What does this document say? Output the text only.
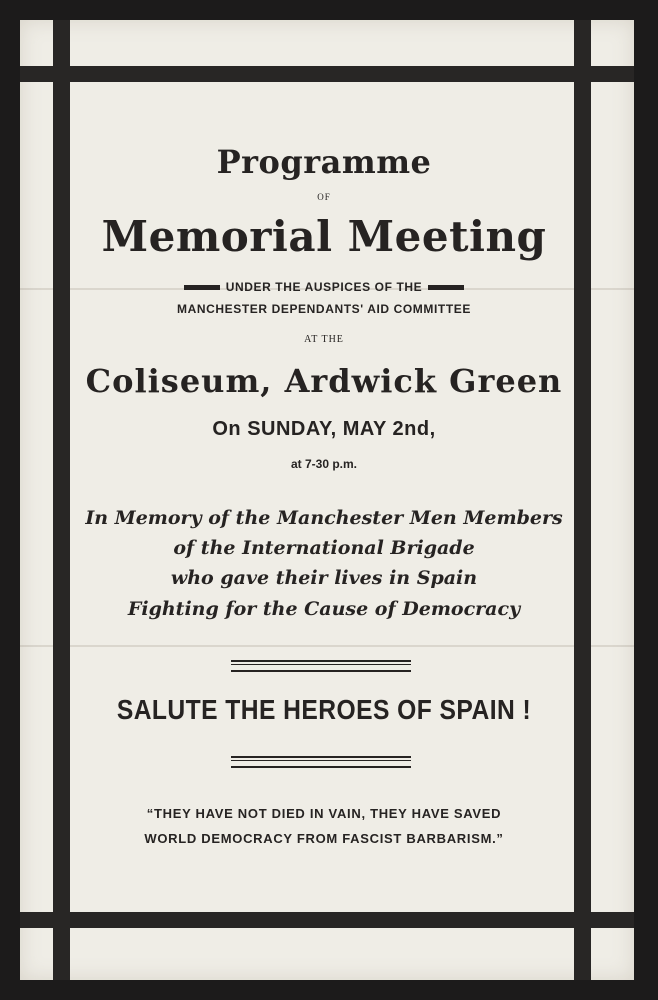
Programme
OF
Memorial Meeting
UNDER THE AUSPICES OF THE
MANCHESTER DEPENDANTS' AID COMMITTEE
AT THE
Coliseum, Ardwick Green
On SUNDAY, MAY 2nd,
at 7-30 p.m.
In Memory of the Manchester Men Members
of the International Brigade
who gave their lives in Spain
Fighting for the Cause of Democracy
SALUTE THE HEROES OF SPAIN !
“THEY HAVE NOT DIED IN VAIN, THEY HAVE SAVED
WORLD DEMOCRACY FROM FASCIST BARBARISM.”
